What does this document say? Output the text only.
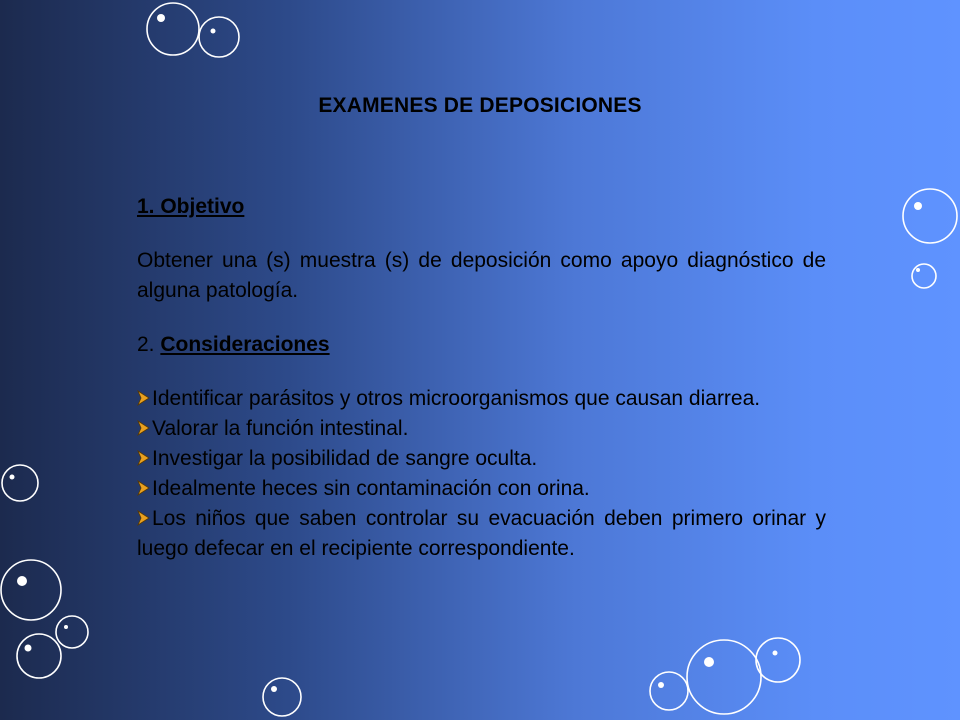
EXAMENES DE DEPOSICIONES
1. Objetivo
Obtener una (s) muestra (s) de deposición como apoyo diagnóstico de alguna patología.
2. Consideraciones
Identificar parásitos y otros microorganismos que causan diarrea.
Valorar la función intestinal.
Investigar la posibilidad de sangre oculta.
Idealmente heces sin contaminación con orina.
Los niños que saben controlar su evacuación deben primero orinar y luego defecar en el recipiente correspondiente.
